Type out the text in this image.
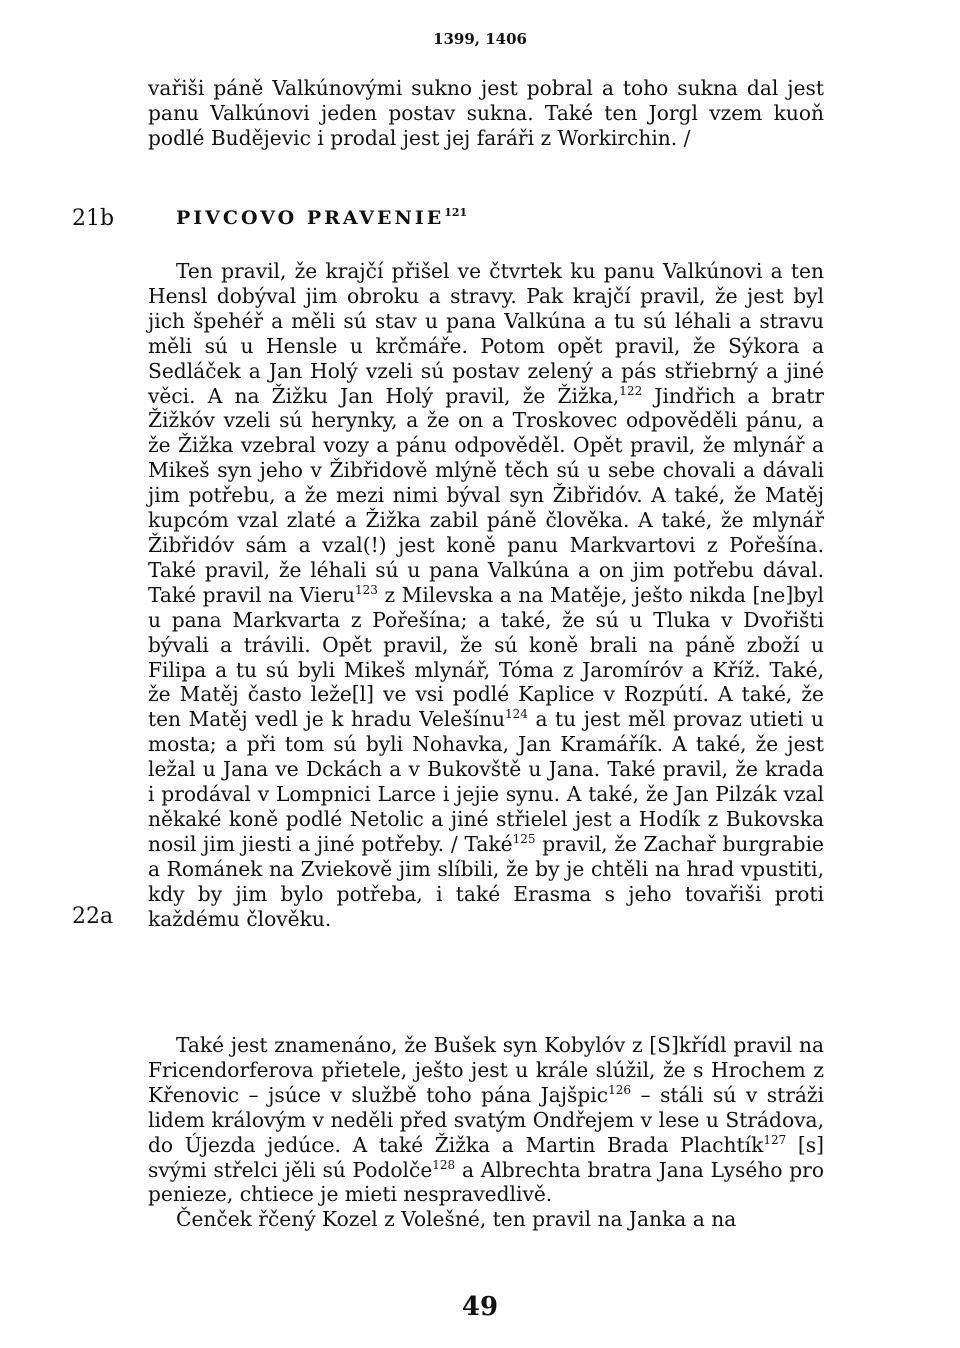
1399, 1406

vařiši páně Valkúnovými sukno jest pobral a toho sukna dal jest panu Valkúnovi jeden postav sukna. Také ten Jorgl vzem kuoň podlé Budějevic i prodal jest jej faráři z Workirchin. /

21b	PIVCOVO PRAVENIE$^{121}$

Ten pravil, že krajčí přišel ve čtvrtek ku panu Valkúnovi a ten Hensl dobýval jim obroku a stravy. Pak krajčí pravil, že jest byl jich špehéř a měli sú stav u pana Valkúna a tu sú léhali a stravu měli sú u Hensle u krčmáře. Potom opět pravil, že Sýkora a Sedláček a Jan Holý vzeli sú postav zelený a pás střiebrný a jiné věci. A na Žižku Jan Holý pravil, že Žižka,$^{122}$ Jindřich a bratr Žižkóv vzeli sú herynky, a že on a Troskovec odpověděli pánu, a že Žižka vzebral vozy a pánu odpověděl. Opět pravil, že mlynář a Mikeš syn jeho v Žibřidově mlýně těch sú u sebe chovali a dávali jim potřebu, a že mezi nimi býval syn Žibřidóv. A také, že Matěj kupcóm vzal zlaté a Žižka zabil páně člověka. A také, že mlynář Žibřidóv sám a vzal(!) jest koně panu Markvartovi z Pořešína. Také pravil, že léhali sú u pana Valkúna a on jim potřebu dával. Také pravil na Vieru$^{123}$ z Milevska a na Matěje, ješto nikda [ne]byl u pana Markvarta z Pořešína; a také, že sú u Tluka v Dvořišti bývali a trávili. Opět pravil, že sú koně brali na páně zboží u Filipa a tu sú byli Mikeš mlynář, Tóma z Jaromíróv a Kříž. Také, že Matěj často leže[l] ve vsi podlé Kaplice v Rozpútí. A také, že ten Matěj vedl je k hradu Velešínu$^{124}$ a tu jest měl provaz utieti u mosta; a při tom sú byli Nohavka, Jan Kramářík. A také, že jest ležal u Jana ve Dckách a v Bukovště u Jana. Také pravil, že krada i prodával v Lompnici Larce i jejie synu. A také, že Jan Pilzák vzal někaké koně podlé Netolic a jiné střielel jest a Hodík z Bukovska nosil jim jiesti a jiné potřeby. / Také$^{125}$ pravil, že Zachař burgrabie a Románek na Zviekově jim slíbili, že by je chtěli na hrad vpustiti, kdy by jim bylo potřeba, i také Erasma s jeho tovařiši proti každému člověku.

22a

Také jest znamenáno, že Bušek syn Kobylóv z [S]křídl pravil na Fricendorferova přietele, ještо jest u krále slúžil, že s Hrochem z Křenovic – jsúce v službě toho pána Jajšpic$^{126}$ – stáli sú v stráži lidem královým v neděli před svatým Ondřejem v lese u Strádova, do Újezda jedúce. A také Žižka a Martin Brada Plachtík$^{127}$ [s] svými střelci jěli sú Podolče$^{128}$ a Albrechta bratra Jana Lysého pro penieze, chtiece je mieti nespravedlivě.

Čenček řčený Kozel z Volešné, ten pravil na Janka a na

49
